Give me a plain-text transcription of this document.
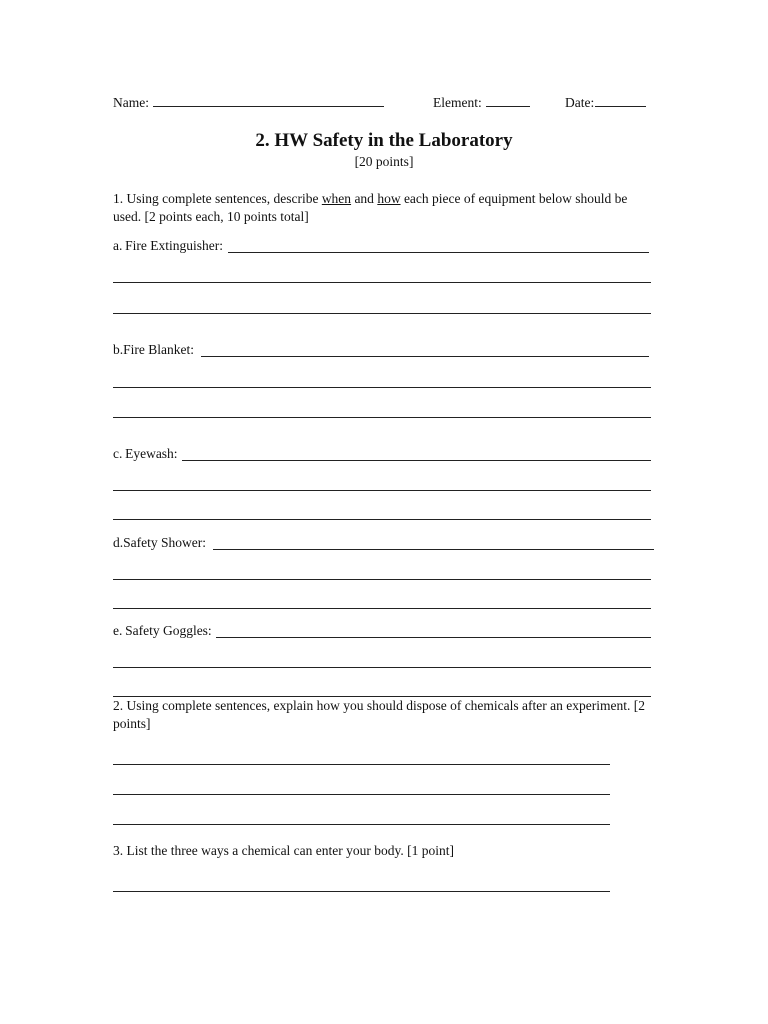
Name:	Element:	Date:
2. HW Safety in the Laboratory
[20 points]
1. Using complete sentences, describe when and how each piece of equipment below should be used. [2 points each, 10 points total]
a.  Fire Extinguisher:
b.Fire Blanket:
c.  Eyewash:
d.Safety Shower:
e.  Safety Goggles:
2. Using complete sentences, explain how you should dispose of chemicals after an experiment. [2 points]
3. List the three ways a chemical can enter your body. [1 point]
